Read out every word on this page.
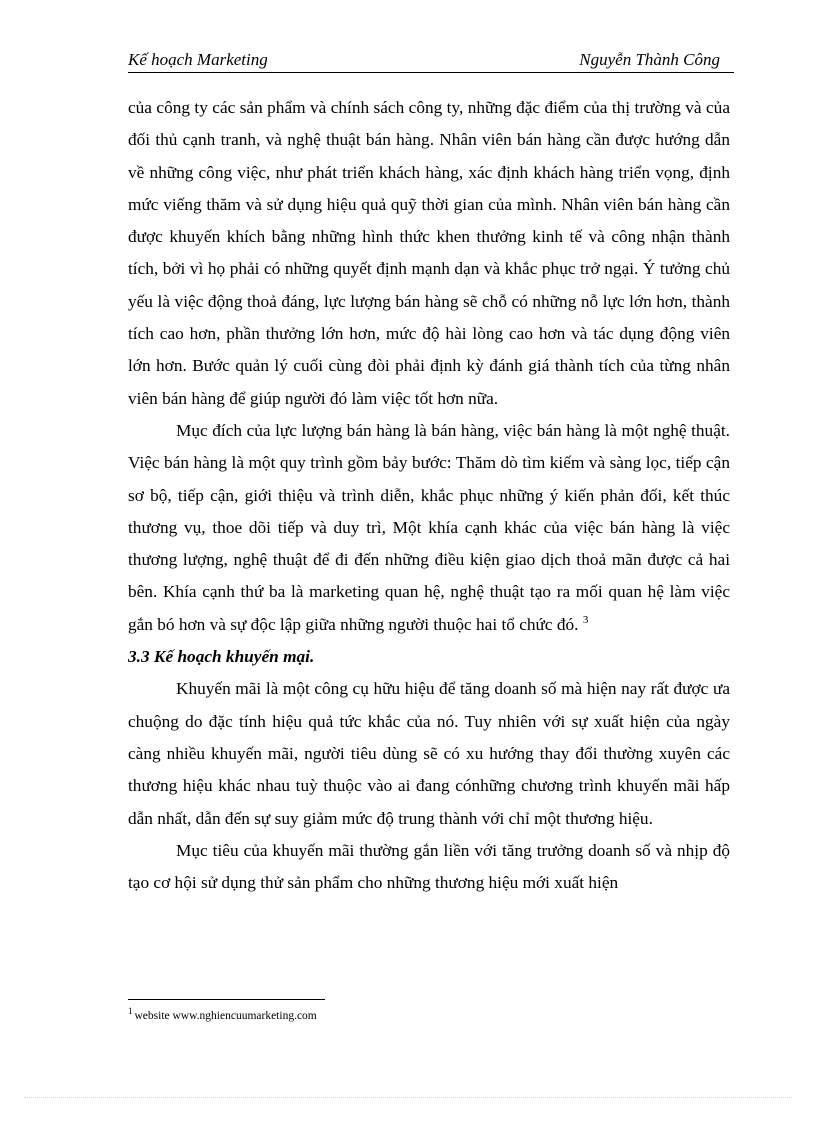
Kế hoạch Marketing	Nguyễn Thành Công

của công ty các sản phẩm và chính sách công ty, những đặc điểm của thị trường và của đối thủ cạnh tranh, và nghệ thuật bán hàng. Nhân viên bán hàng cần được hướng dẫn về những công việc, như phát triển khách hàng, xác định khách hàng triển vọng, định mức viếng thăm và sử dụng hiệu quả quỹ thời gian của mình. Nhân viên bán hàng cần được khuyến khích bằng những hình thức khen thưởng kinh tế và công nhận thành tích, bởi vì họ phải có những quyết định mạnh dạn và khắc phục trở ngại. Ý tưởng chủ yếu là việc động thoả đáng, lực lượng bán hàng sẽ chỗ có những nỗ lực lớn hơn, thành tích cao hơn, phần thưởng lớn hơn, mức độ hài lòng cao hơn và tác dụng động viên lớn hơn. Bước quản lý cuối cùng đòi phải định kỳ đánh giá thành tích của từng nhân viên bán hàng để giúp người đó làm việc tốt hơn nữa.

Mục đích của lực lượng bán hàng là bán hàng, việc bán hàng là một nghệ thuật. Việc bán hàng là một quy trình gồm bảy bước: Thăm dò tìm kiếm và sàng lọc, tiếp cận sơ bộ, tiếp cận, giới thiệu và trình diễn, khắc phục những ý kiến phản đối, kết thúc thương vụ, thoe dõi tiếp và duy trì, Một khía cạnh khác của việc bán hàng là việc thương lượng, nghệ thuật để đi đến những điều kiện giao dịch thoả mãn được cả hai bên. Khía cạnh thứ ba là marketing quan hệ, nghệ thuật tạo ra mối quan hệ làm việc gắn bó hơn và sự độc lập giữa những người thuộc hai tổ chức đó. $^3$

3.3 Kế hoạch khuyến mại.

Khuyến mãi là một công cụ hữu hiệu để tăng doanh số mà hiện nay rất được ưa chuộng do đặc tính hiệu quả tức khắc của nó. Tuy nhiên với sự xuất hiện của ngày càng nhiều khuyến mãi, người tiêu dùng sẽ có xu hướng thay đổi thường xuyên các thương hiệu khác nhau tuỳ thuộc vào ai đang cónhững chương trình khuyến mãi hấp dẫn nhất, dẫn đến sự suy giảm mức độ trung thành với chỉ một thương hiệu.

Mục tiêu của khuyến mãi thường gắn liền với tăng trưởng doanh số và nhịp độ tạo cơ hội sử dụng thử sản phẩm cho những thương hiệu mới xuất hiện

$^1$ website www.nghiencuumarketing.com
